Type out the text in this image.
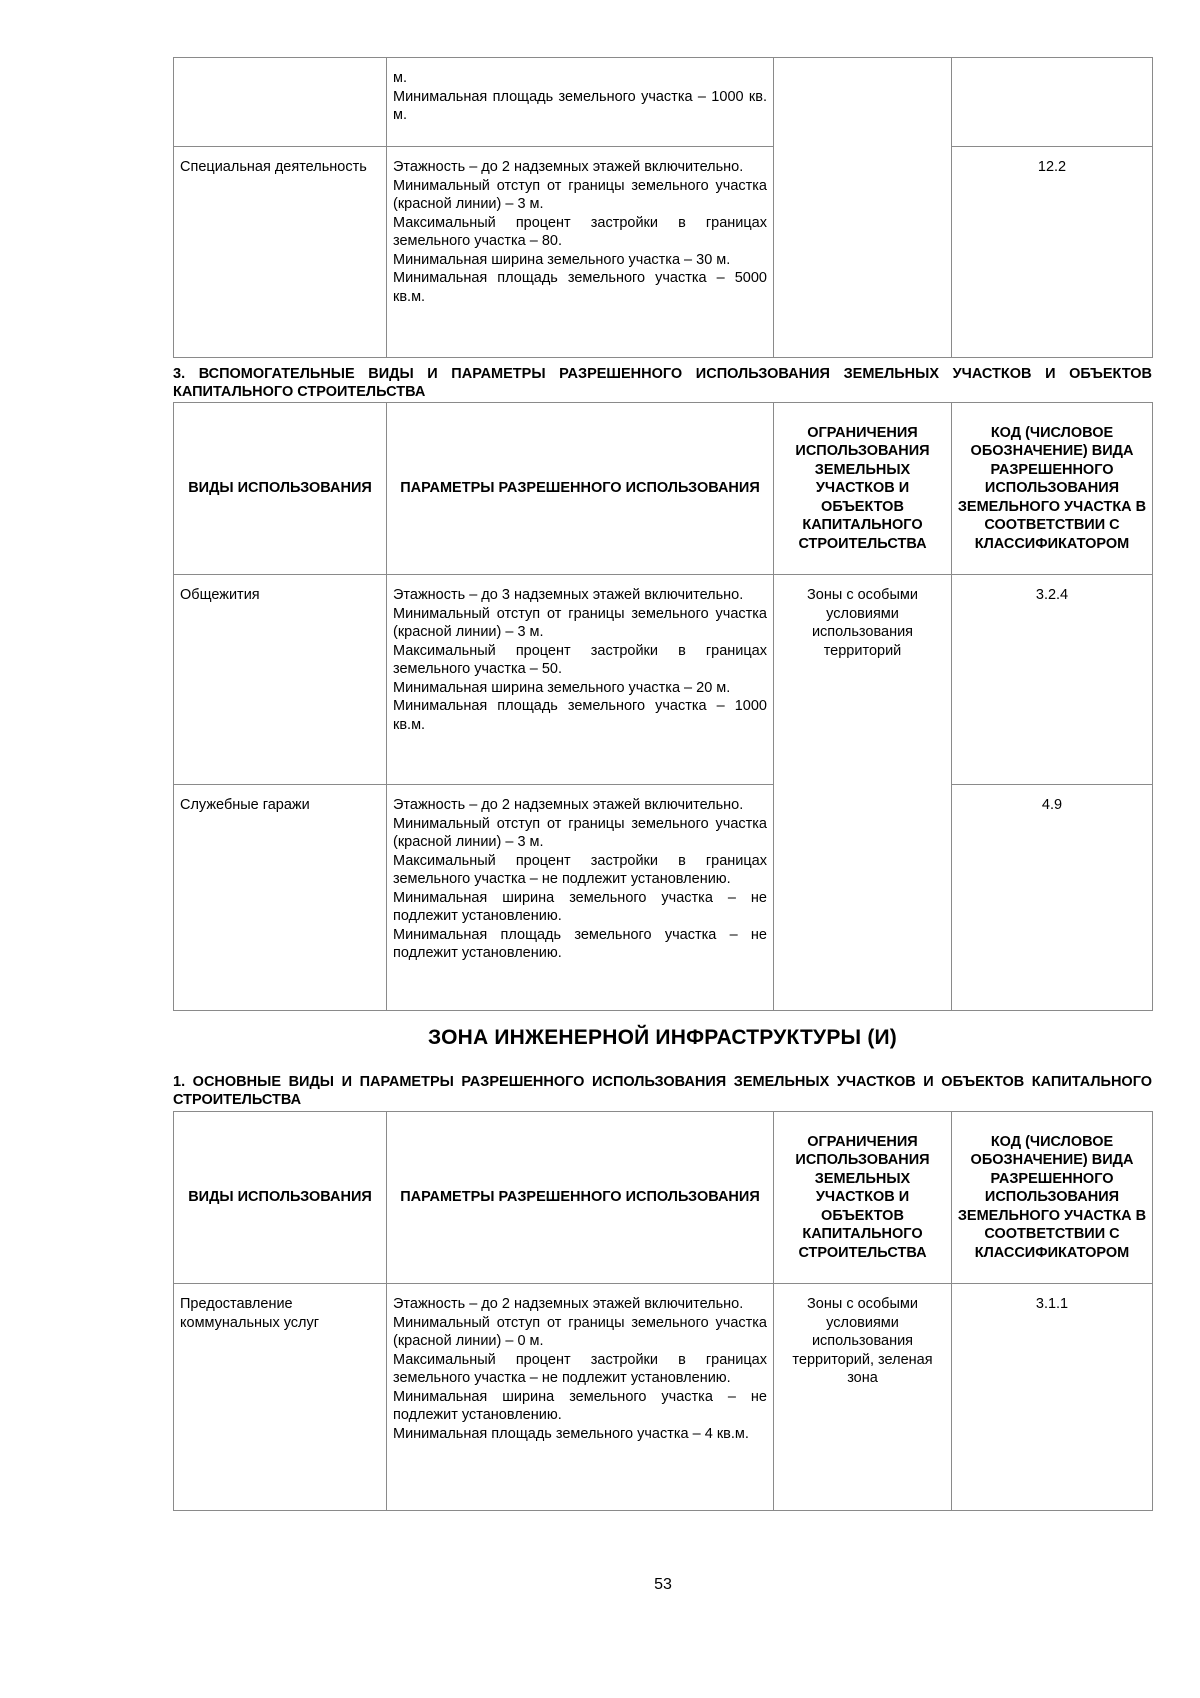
	м.
Минимальная площадь земельного участка – 1000 кв. м.		

Специальная деятельность	Этажность – до 2 надземных этажей включительно.
Минимальный отступ от границы земельного участка (красной линии) – 3 м.
Максимальный процент застройки в границах земельного участка – 80.
Минимальная ширина земельного участка – 30 м.
Минимальная площадь земельного участка – 5000 кв.м.		12.2
3. ВСПОМОГАТЕЛЬНЫЕ ВИДЫ И ПАРАМЕТРЫ РАЗРЕШЕННОГО ИСПОЛЬЗОВАНИЯ ЗЕМЕЛЬНЫХ УЧАСТКОВ И ОБЪЕКТОВ КАПИТАЛЬНОГО СТРОИТЕЛЬСТВА
ВИДЫ ИСПОЛЬЗОВАНИЯ	ПАРАМЕТРЫ РАЗРЕШЕННОГО ИСПОЛЬЗОВАНИЯ	ОГРАНИЧЕНИЯ ИСПОЛЬЗОВАНИЯ ЗЕМЕЛЬНЫХ УЧАСТКОВ И ОБЪЕКТОВ КАПИТАЛЬНОГО СТРОИТЕЛЬСТВА	КОД (ЧИСЛОВОЕ ОБОЗНАЧЕНИЕ) ВИДА РАЗРЕШЕННОГО ИСПОЛЬЗОВАНИЯ ЗЕМЕЛЬНОГО УЧАСТКА В СООТВЕТСТВИИ С КЛАССИФИКАТОРОМ
Общежития	Этажность – до 3 надземных этажей включительно.
Минимальный отступ от границы земельного участка (красной линии) – 3 м.
Максимальный процент застройки в границах земельного участка – 50.
Минимальная ширина земельного участка – 20 м.
Минимальная площадь земельного участка – 1000 кв.м.	Зоны с особыми условиями использования территорий	3.2.4
Служебные гаражи	Этажность – до 2 надземных этажей включительно.
Минимальный отступ от границы земельного участка (красной линии) – 3 м.
Максимальный процент застройки в границах земельного участка – не подлежит установлению.
Минимальная ширина земельного участка – не подлежит установлению.
Минимальная площадь земельного участка – не подлежит установлению.		4.9
ЗОНА ИНЖЕНЕРНОЙ ИНФРАСТРУКТУРЫ (И)
1. ОСНОВНЫЕ ВИДЫ И ПАРАМЕТРЫ РАЗРЕШЕННОГО ИСПОЛЬЗОВАНИЯ ЗЕМЕЛЬНЫХ УЧАСТКОВ И ОБЪЕКТОВ КАПИТАЛЬНОГО СТРОИТЕЛЬСТВА
ВИДЫ ИСПОЛЬЗОВАНИЯ	ПАРАМЕТРЫ РАЗРЕШЕННОГО ИСПОЛЬЗОВАНИЯ	ОГРАНИЧЕНИЯ ИСПОЛЬЗОВАНИЯ ЗЕМЕЛЬНЫХ УЧАСТКОВ И ОБЪЕКТОВ КАПИТАЛЬНОГО СТРОИТЕЛЬСТВА	КОД (ЧИСЛОВОЕ ОБОЗНАЧЕНИЕ) ВИДА РАЗРЕШЕННОГО ИСПОЛЬЗОВАНИЯ ЗЕМЕЛЬНОГО УЧАСТКА В СООТВЕТСТВИИ С КЛАССИФИКАТОРОМ
Предоставление коммунальных услуг	Этажность – до 2 надземных этажей включительно.
Минимальный отступ от границы земельного участка (красной линии) – 0 м.
Максимальный процент застройки в границах земельного участка – не подлежит установлению.
Минимальная ширина земельного участка – не подлежит установлению.
Минимальная площадь земельного участка – 4 кв.м.	Зоны с особыми условиями использования территорий, зеленая зона	3.1.1
53
